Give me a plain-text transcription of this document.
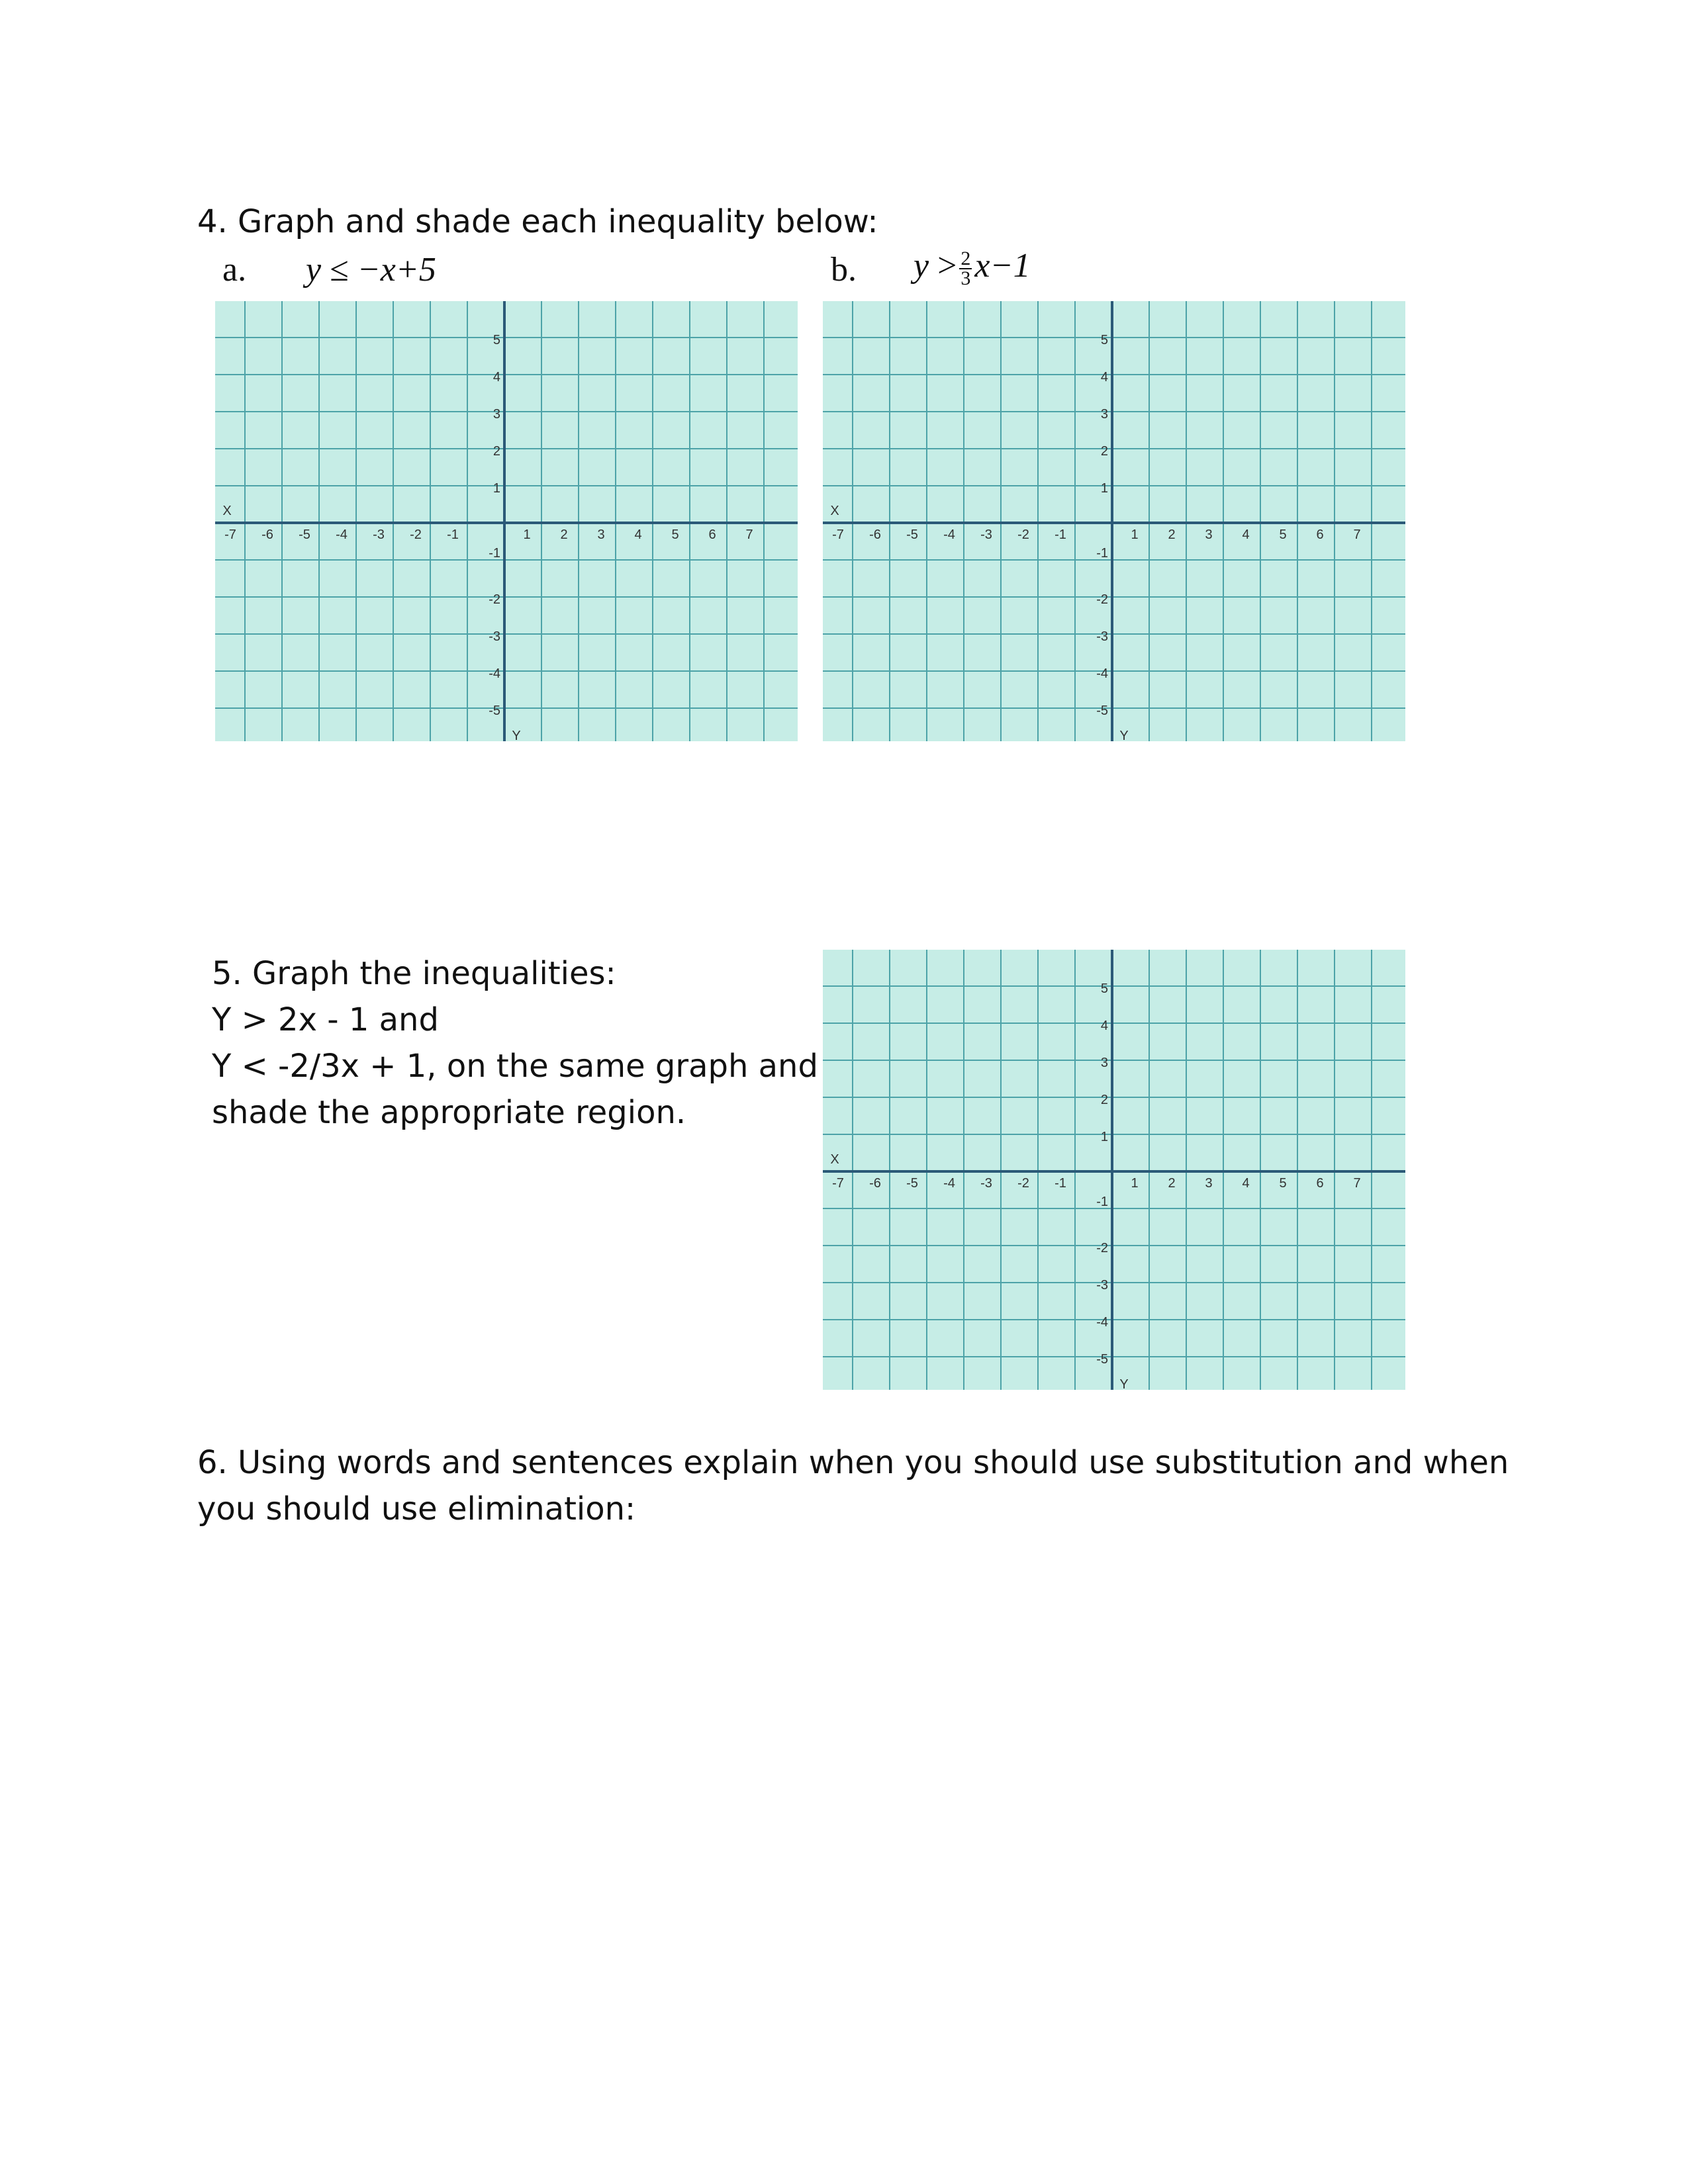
4. Graph and shade each inequality below:

a. y ≤ −x+5	b. $y > \frac{2}{3} x-1$
-7 -6 -5 -4 -3 -2 -1	1 2 3 4 5 6 7
1
2
3
4
5
-1
-2
-3
-4
-5
X
Y
-7 -6 -5 -4 -3 -2 -1	1 2 3 4 5 6 7
1
2
3
4
5
-1
-2
-3
-4
-5
X
Y

5. Graph the inequalities:
Y > 2x - 1 and
Y < -2/3x + 1, on the same graph and
shade the appropriate region.

-7 -6 -5 -4 -3 -2 -1	1 2 3 4 5 6 7
1
2
3
4
5
-1
-2
-3
-4
-5
X
Y

6. Using words and sentences explain when you should use substitution and when
you should use elimination:
